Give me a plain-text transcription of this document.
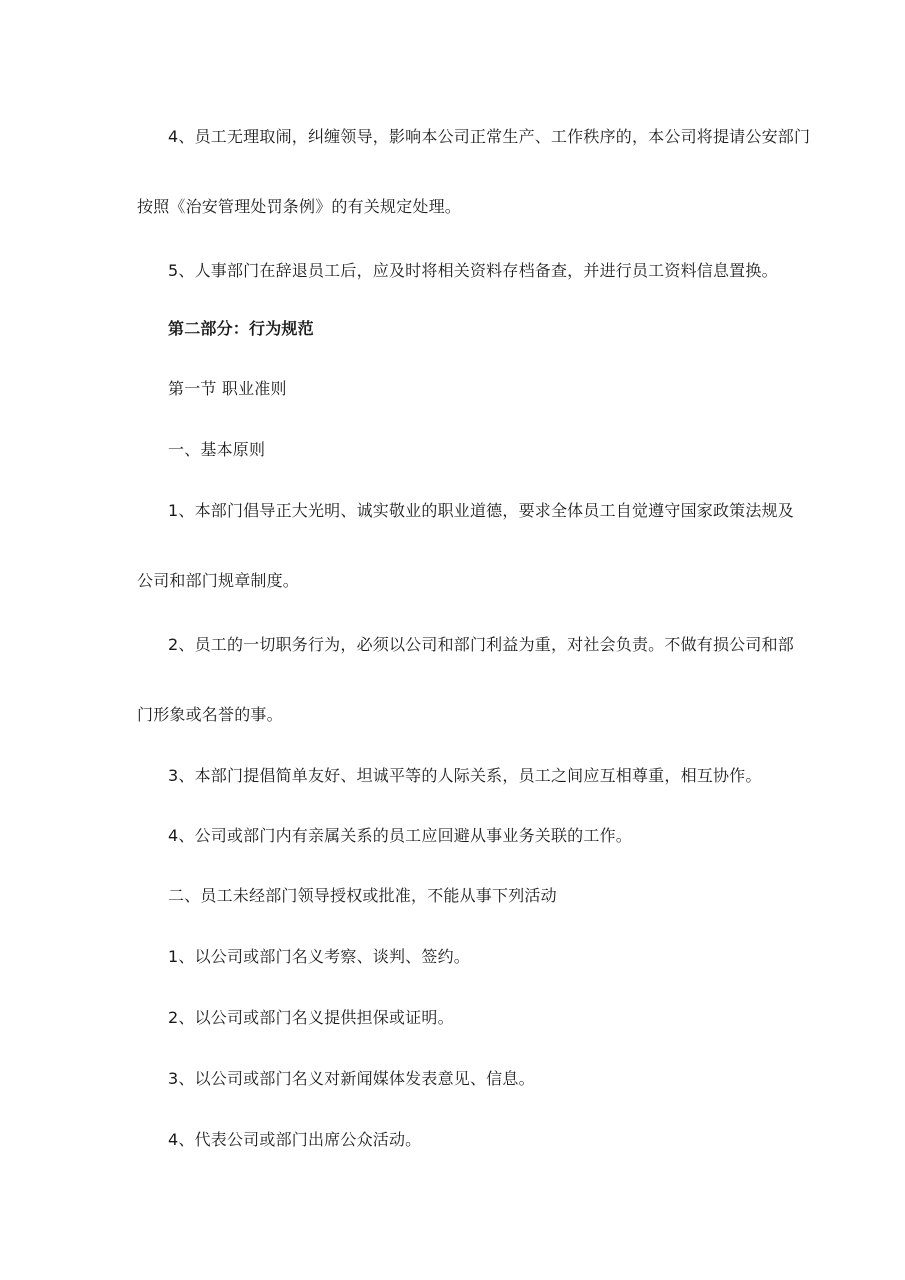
4、员工无理取闹，纠缠领导，影响本公司正常生产、工作秩序的，本公司将提请公安部门
按照《治安管理处罚条例》的有关规定处理。
5、人事部门在辞退员工后，应及时将相关资料存档备查，并进行员工资料信息置换。
第二部分：行为规范
第一节 职业准则
一、基本原则
1、本部门倡导正大光明、诚实敬业的职业道德，要求全体员工自觉遵守国家政策法规及
公司和部门规章制度。
2、员工的一切职务行为，必须以公司和部门利益为重，对社会负责。不做有损公司和部
门形象或名誉的事。
3、本部门提倡简单友好、坦诚平等的人际关系，员工之间应互相尊重，相互协作。
4、公司或部门内有亲属关系的员工应回避从事业务关联的工作。
二、员工未经部门领导授权或批准，不能从事下列活动
1、以公司或部门名义考察、谈判、签约。
2、以公司或部门名义提供担保或证明。
3、以公司或部门名义对新闻媒体发表意见、信息。
4、代表公司或部门出席公众活动。
